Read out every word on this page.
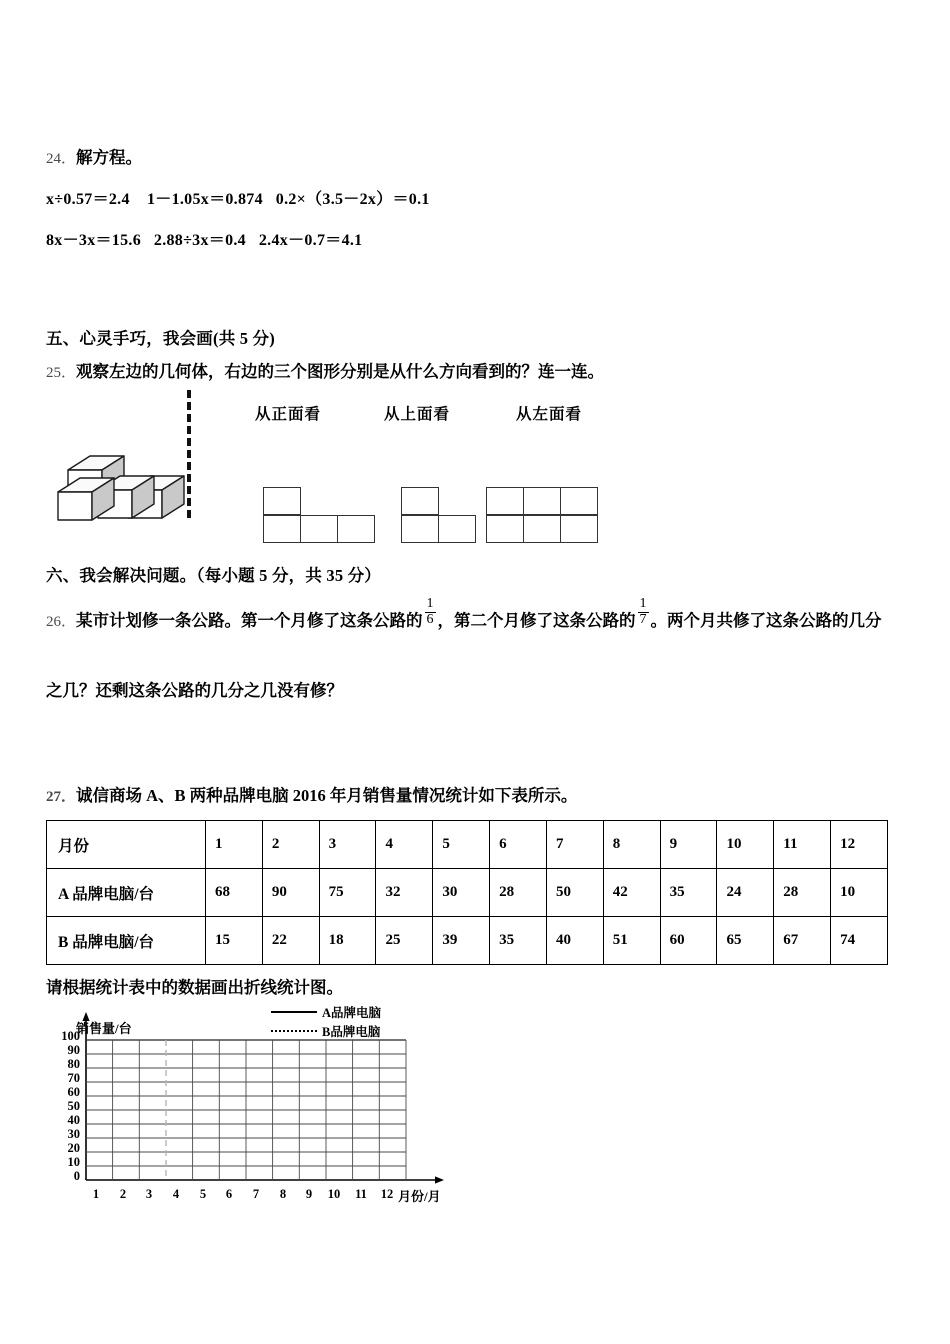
24．解方程。
x÷0.57＝2.4    1－1.05x＝0.874   0.2×（3.5－2x）＝0.1
8x－3x＝15.6   2.88÷3x＝0.4   2.4x－0.7＝4.1
五、心灵手巧，我会画(共 5 分)
25．观察左边的几何体，右边的三个图形分别是从什么方向看到的？连一连。
从正面看	从上面看	从左面看
六、我会解决问题。（每小题 5 分，共 35 分）
26．某市计划修一条公路。第一个月修了这条公路的 $\frac{1}{6}$ ，第二个月修了这条公路的 $\frac{1}{7}$ 。两个月共修了这条公路的几分
之几？还剩这条公路的几分之几没有修？
27．诚信商场 A、B 两种品牌电脑 2016 年月销售量情况统计如下表所示。
月份	1	2	3	4	5	6	7	8	9	10	11	12
A 品牌电脑/台	68	90	75	32	30	28	50	42	35	24	28	10
B 品牌电脑/台	15	22	18	25	39	35	40	51	60	65	67	74
请根据统计表中的数据画出折线统计图。
A品牌电脑
B品牌电脑
销售量/台
100
90
80
70
60
50
40
30
20
10
0
1	2	3	4	5	6	7	8	9	10	11	12 月份/月
